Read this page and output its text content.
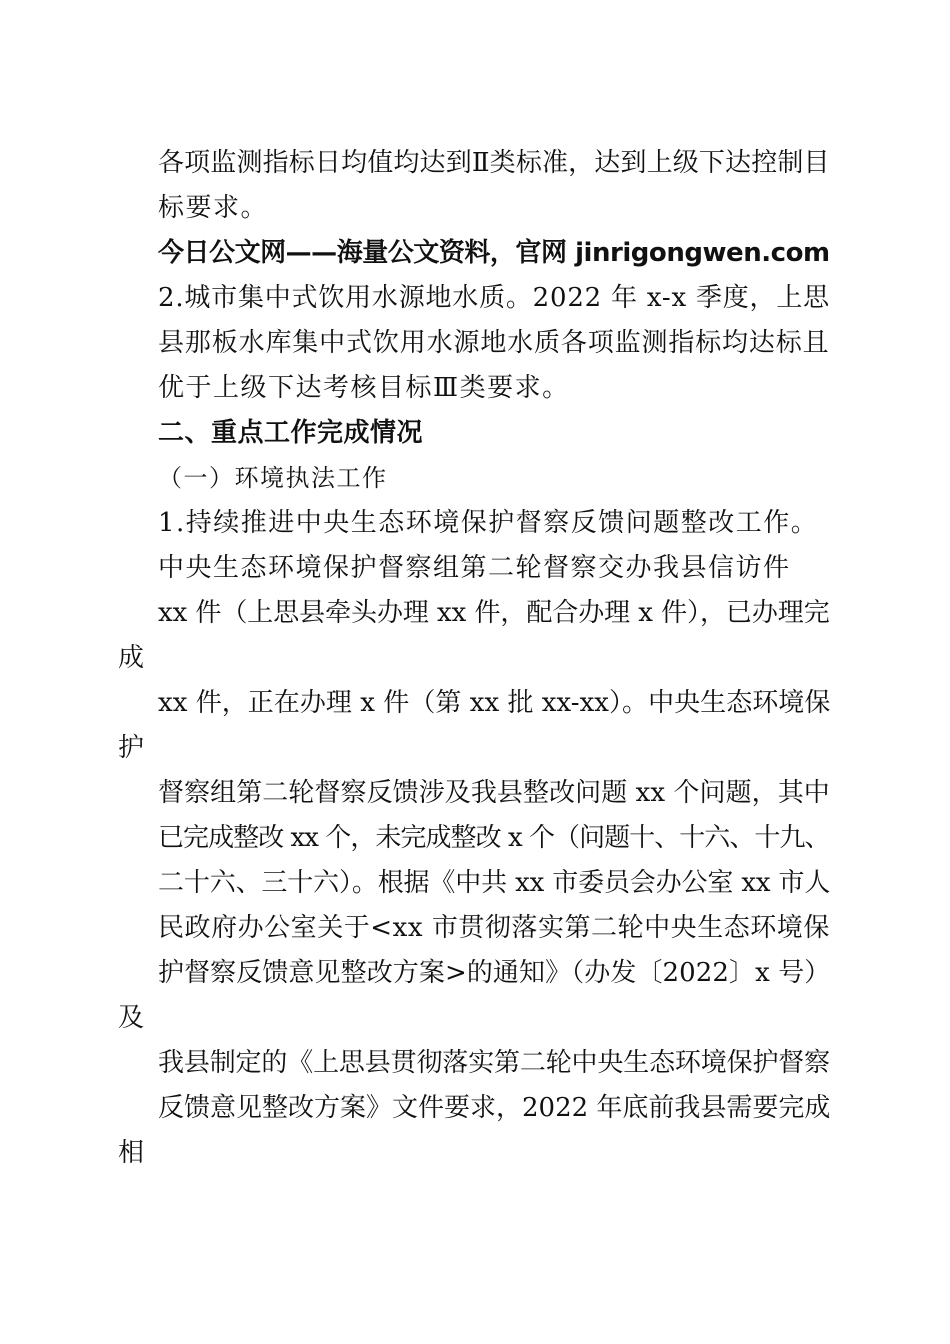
各项监测指标日均值均达到Ⅱ类标准，达到上级下达控制目
标要求。
今日公文网——海量公文资料，官网 jinrigongwen.com
2.城市集中式饮用水源地水质。2022 年 x-x 季度，上思
县那板水库集中式饮用水源地水质各项监测指标均达标且
优于上级下达考核目标Ⅲ类要求。
二、重点工作完成情况
（一）环境执法工作
1.持续推进中央生态环境保护督察反馈问题整改工作。
中央生态环境保护督察组第二轮督察交办我县信访件
xx 件（上思县牵头办理 xx 件，配合办理 x 件），已办理完
成
xx 件，正在办理 x 件（第 xx 批 xx-xx）。中央生态环境保
护
督察组第二轮督察反馈涉及我县整改问题 xx 个问题，其中
已完成整改 xx 个，未完成整改 x 个（问题十、十六、十九、
二十六、三十六）。根据《中共 xx 市委员会办公室 xx 市人
民政府办公室关于<xx 市贯彻落实第二轮中央生态环境保
护督察反馈意见整改方案>的通知》（办发〔2022〕x 号）
及
我县制定的《上思县贯彻落实第二轮中央生态环境保护督察
反馈意见整改方案》文件要求，2022 年底前我县需要完成
相
